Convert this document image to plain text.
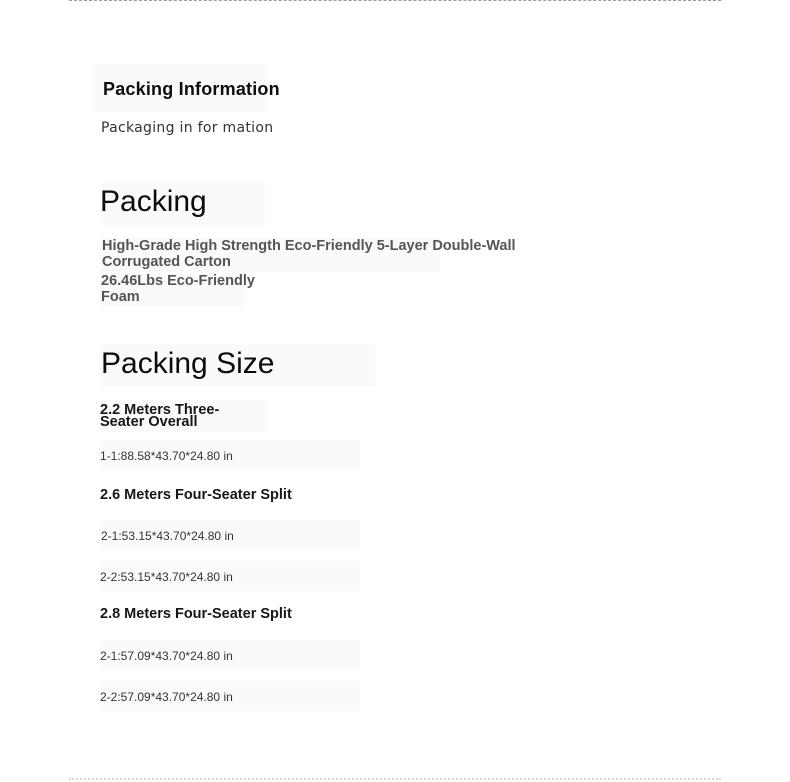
Packing Information
Packaging in for mation
Packing
High-Grade High Strength Eco-Friendly 5-Layer Double-Wall Corrugated Carton
26.46Lbs Eco-Friendly Foam
Packing Size
2.2 Meters Three-Seater Overall
1-1:88.58*43.70*24.80 in
2.6 Meters Four-Seater Split
2-1:53.15*43.70*24.80 in
2-2:53.15*43.70*24.80 in
2.8 Meters Four-Seater Split
2-1:57.09*43.70*24.80 in
2-2:57.09*43.70*24.80 in
